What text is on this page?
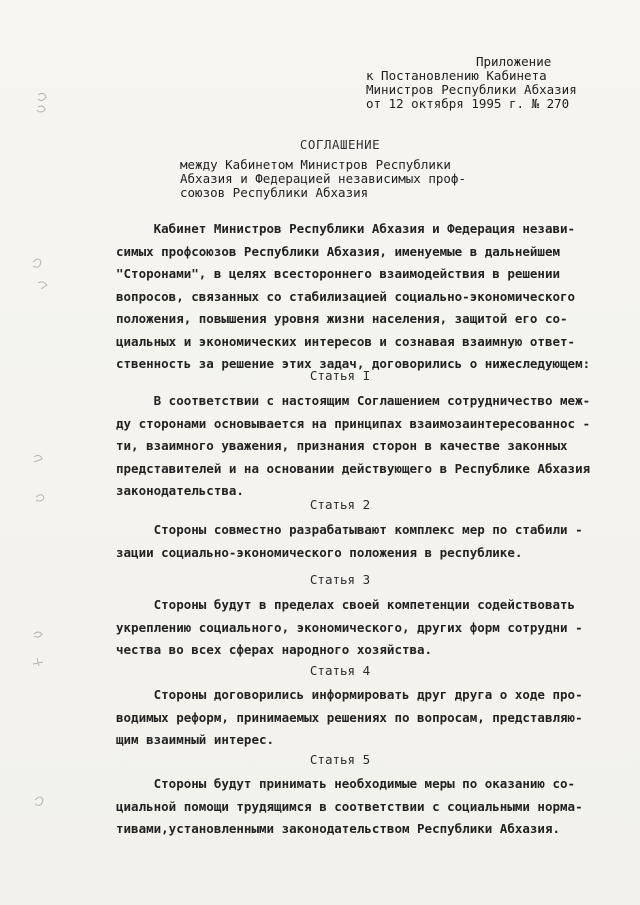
Приложение
к Постановлению Кабинета
Министров Республики Абхазия
от 12 октября 1995 г. № 270
СОГЛАШЕНИЕ
между Кабинетом Министров Республики
Абхазия и Федерацией независимых проф-
союзов Республики Абхазия
Кабинет Министров Республики Абхазия и Федерация незави-
симых профсоюзов Республики Абхазия, именуемые в дальнейшем
"Сторонами", в целях всестороннего взаимодействия в решении
вопросов, связанных со стабилизацией социально-экономического
положения, повышения уровня жизни населения, защитой его со-
циальных и экономических интересов и сознавая взаимную ответ-
ственность за решение этих задач, договорились о нижеследующем:
Статья I
В соответствии с настоящим Соглашением сотрудничество меж-
ду сторонами основывается на принципах взаимозаинтересованнос -
ти, взаимного уважения, признания сторон в качестве законных
представителей и на основании действующего в Республике Абхазия
законодательства.
Статья 2
Стороны совместно разрабатывают комплекс мер по стабили -
зации социально-экономического положения в республике.
Статья 3
Стороны будут в пределах своей компетенции содействовать
укреплению социального, экономического, других форм сотрудни -
чества во всех сферах народного хозяйства.
Статья 4
Стороны договорились информировать друг друга о ходе про-
водимых реформ, принимаемых решениях по вопросам, представляю-
щим взаимный интерес.
Статья 5
Стороны будут принимать необходимые меры по оказанию со-
циальной помощи трудящимся в соответствии с социальными норма-
тивами,установленными законодательством Республики Абхазия.
